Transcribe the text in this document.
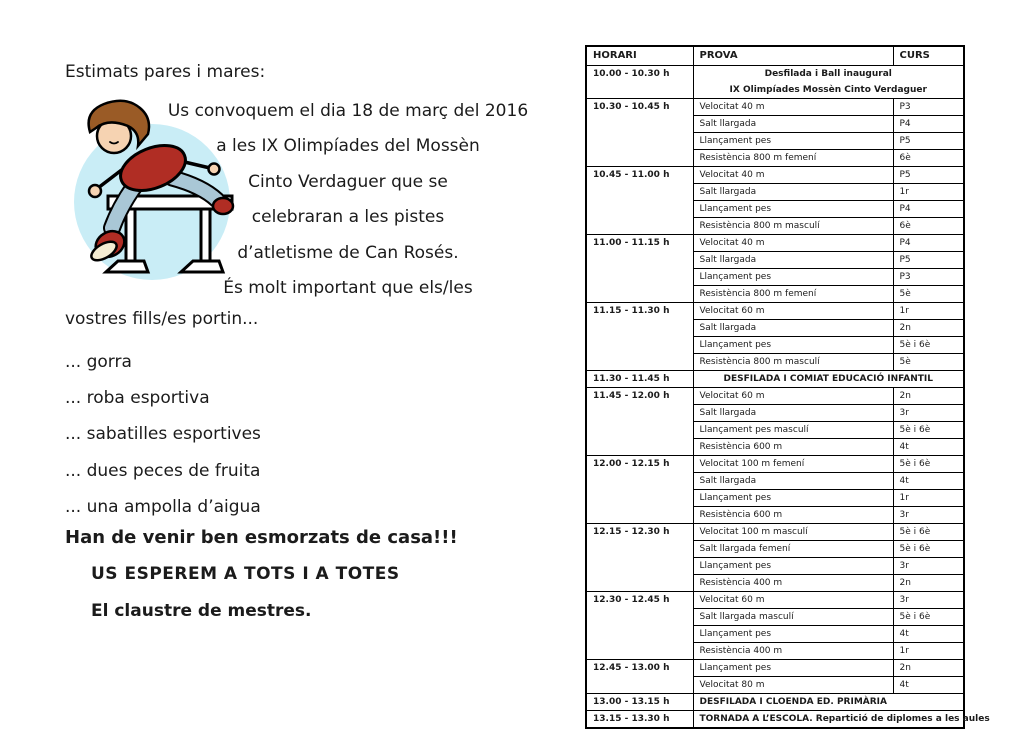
Estimats pares i mares:
Us convoquem el dia 18 de març del 2016
a les IX Olimpíades del Mossèn
Cinto Verdaguer que se
celebraran a les pistes
d’atletisme de Can Rosés.
És molt important que els/les
vostres fills/es portin...
... gorra
... roba esportiva
... sabatilles esportives
... dues peces de fruita
... una ampolla d’aigua
Han de venir ben esmorzats de casa!!!
US ESPEREM A TOTS I A TOTES
El claustre de mestres.
HORARI	PROVA	CURS
10.00 - 10.30 h	Desfilada i Ball inaugural
IX Olimpíades Mossèn Cinto Verdaguer	

10.30 - 10.45 h	Velocitat 40 m	P3
	Salt llargada	P4
	Llançament pes	P5
	Resistència 800 m femení	6è
10.45 - 11.00 h	Velocitat 40 m	P5
	Salt llargada	1r
	Llançament pes	P4
	Resistència 800 m masculí	6è
11.00 - 11.15 h	Velocitat 40 m	P4
	Salt llargada	P5
	Llançament pes	P3
	Resistència 800 m femení	5è
11.15 - 11.30 h	Velocitat 60 m	1r
	Salt llargada	2n
	Llançament pes	5è i 6è
	Resistència 800 m masculí	5è
11.30 - 11.45 h	DESFILADA I COMIAT EDUCACIÓ INFANTIL	

11.45 - 12.00 h	Velocitat 60 m	2n
	Salt llargada	3r
	Llançament pes masculí	5è i 6è
	Resistència 600 m	4t
12.00 - 12.15 h	Velocitat 100 m femení	5è i 6è
	Salt llargada	4t
	Llançament pes	1r
	Resistència 600 m	3r
12.15 - 12.30 h	Velocitat 100 m masculí	5è i 6è
	Salt llargada femení	5è i 6è
	Llançament pes	3r
	Resistència 400 m	2n
12.30 - 12.45 h	Velocitat 60 m	3r
	Salt llargada masculí	5è i 6è
	Llançament pes	4t
	Resistència 400 m	1r
12.45 - 13.00 h	Llançament pes	2n
	Velocitat 80 m	4t
13.00 - 13.15 h	DESFILADA I CLOENDA ED. PRIMÀRIA	

13.15 - 13.30 h	TORNADA A L’ESCOLA. Repartició de diplomes a les aules	
